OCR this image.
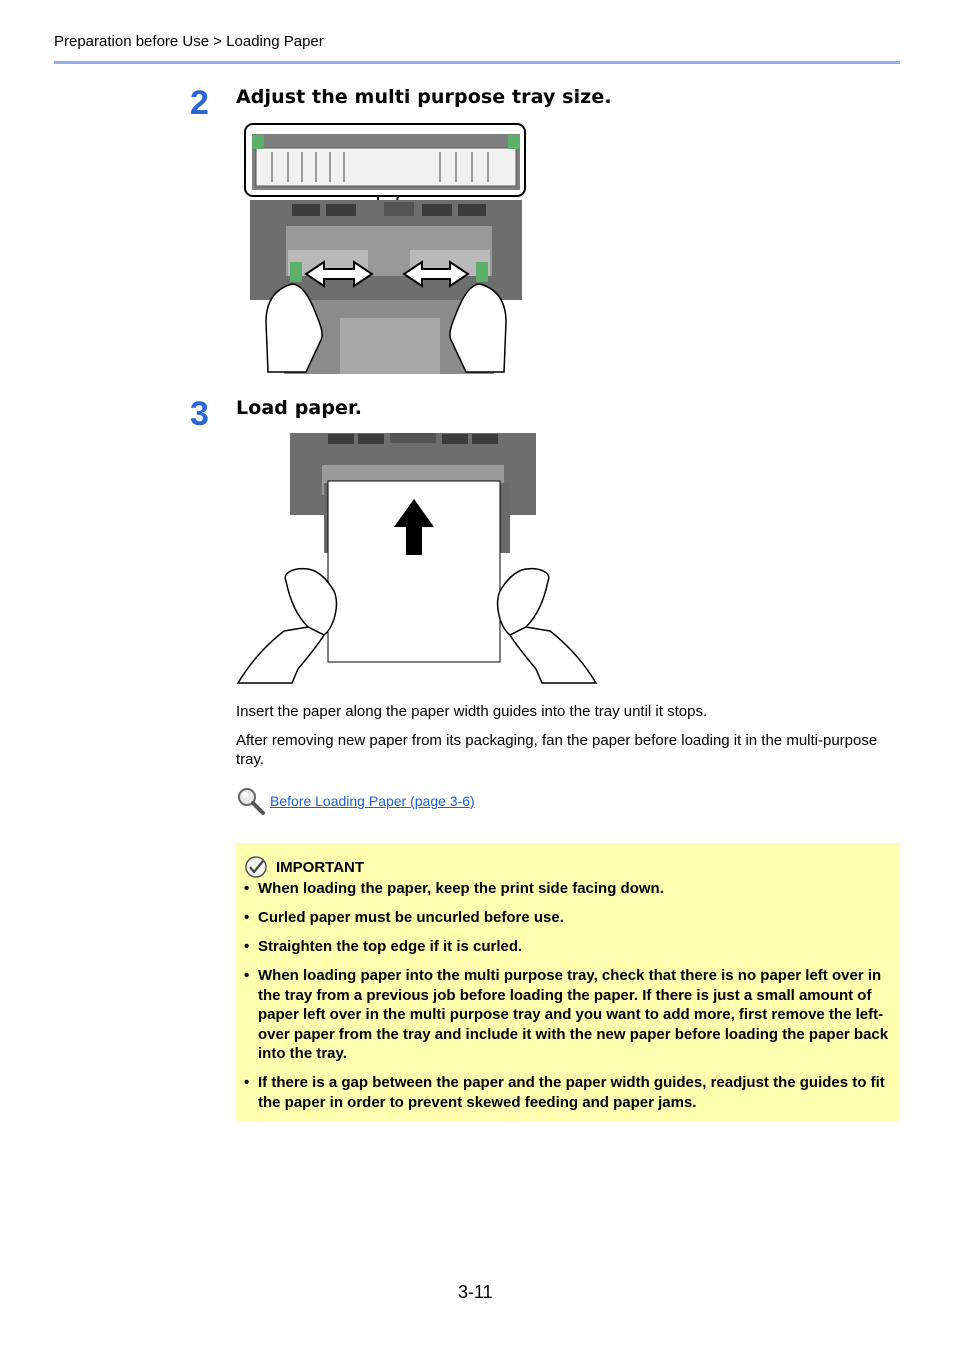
Preparation before Use > Loading Paper
2 Adjust the multi purpose tray size.
3 Load paper.
Insert the paper along the paper width guides into the tray until it stops.
After removing new paper from its packaging, fan the paper before loading it in the multi-purpose tray.
Before Loading Paper (page 3-6)
IMPORTANT
• When loading the paper, keep the print side facing down.
• Curled paper must be uncurled before use.
• Straighten the top edge if it is curled.
• When loading paper into the multi purpose tray, check that there is no paper left over in the tray from a previous job before loading the paper. If there is just a small amount of paper left over in the multi purpose tray and you want to add more, first remove the left-over paper from the tray and include it with the new paper before loading the paper back into the tray.
• If there is a gap between the paper and the paper width guides, readjust the guides to fit the paper in order to prevent skewed feeding and paper jams.
3-11
